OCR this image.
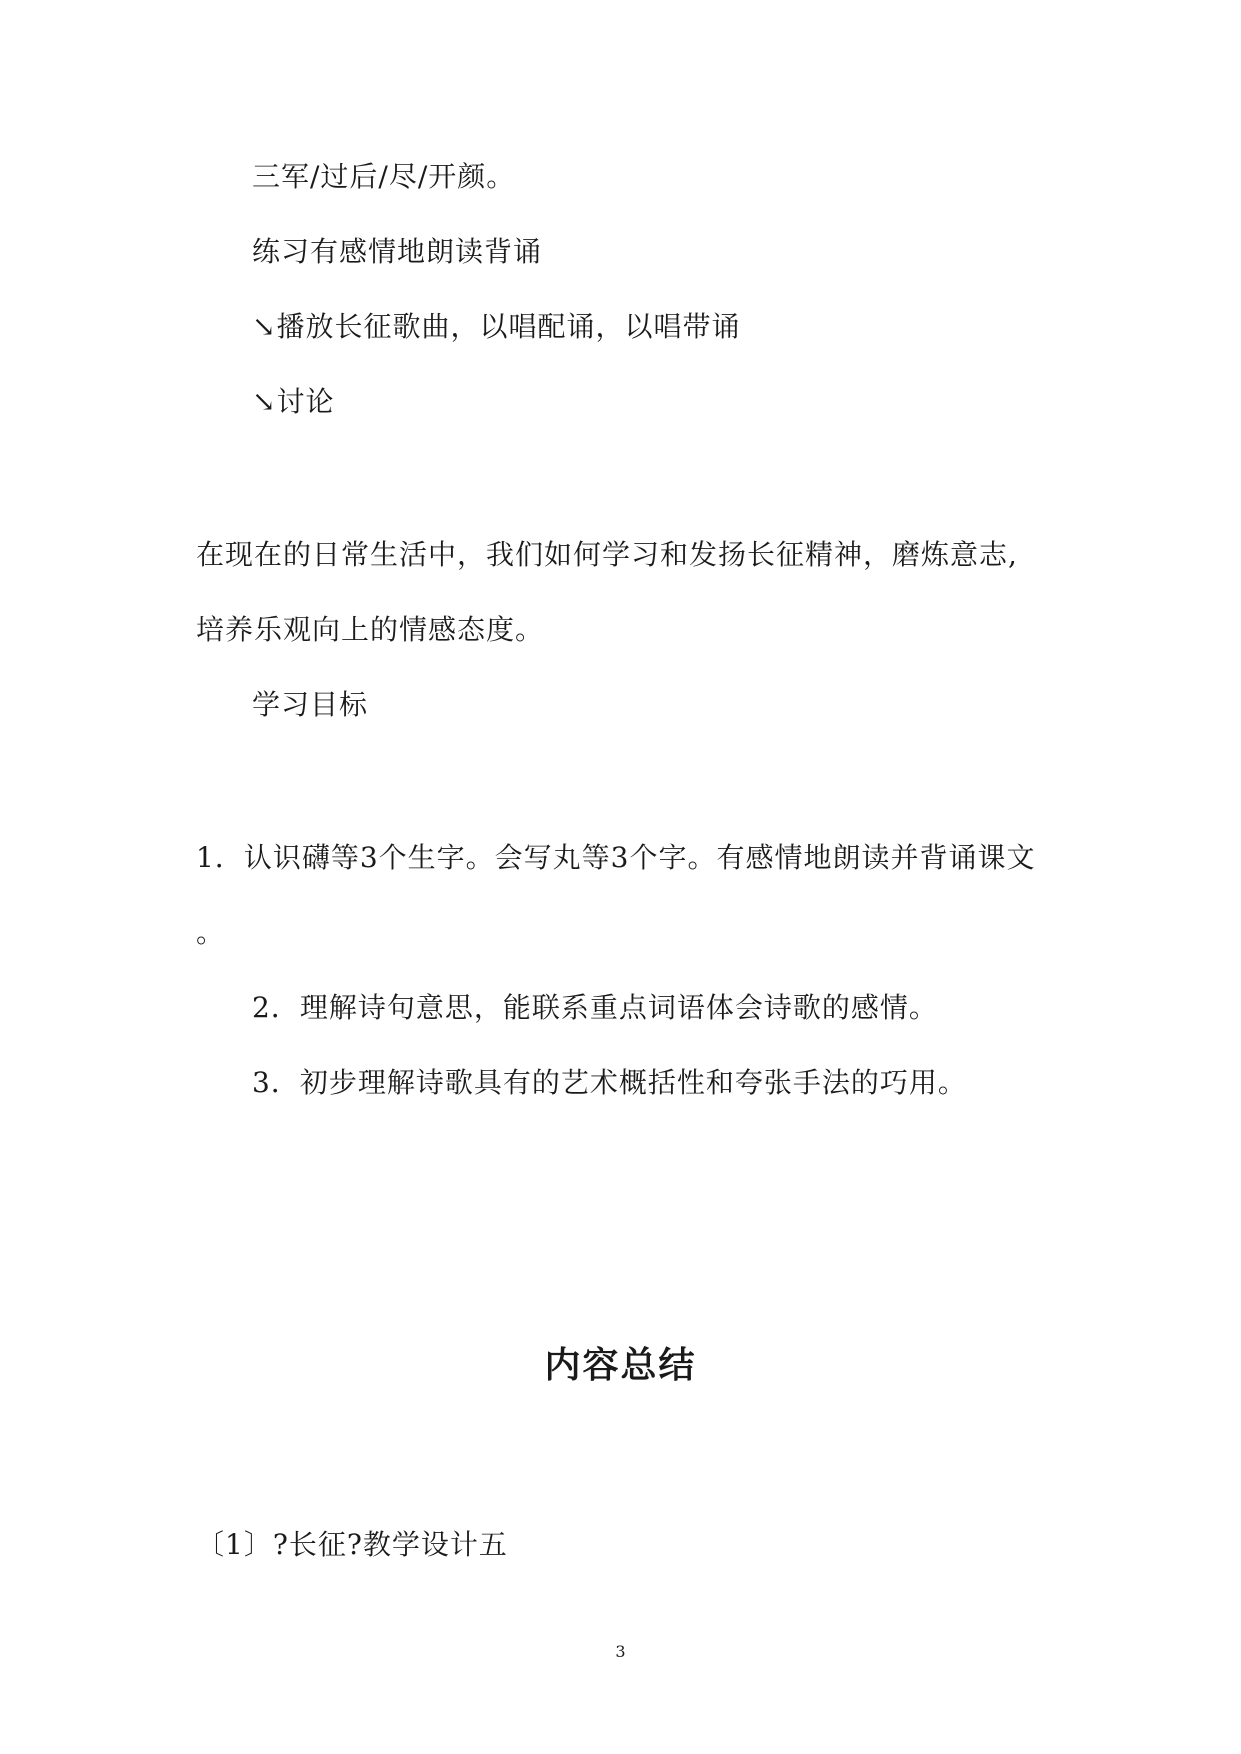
三军/过后/尽/开颜。
练习有感情地朗读背诵
↘播放长征歌曲，以唱配诵，以唱带诵
↘讨论
在现在的日常生活中，我们如何学习和发扬长征精神，磨炼意志,
培养乐观向上的情感态度。
学习目标
1．认识礴等3个生字。会写丸等3个字。有感情地朗读并背诵课文
。
2．理解诗句意思，能联系重点词语体会诗歌的感情。
3．初步理解诗歌具有的艺术概括性和夸张手法的巧用。
内容总结
〔1〕?长征?教学设计五
3
